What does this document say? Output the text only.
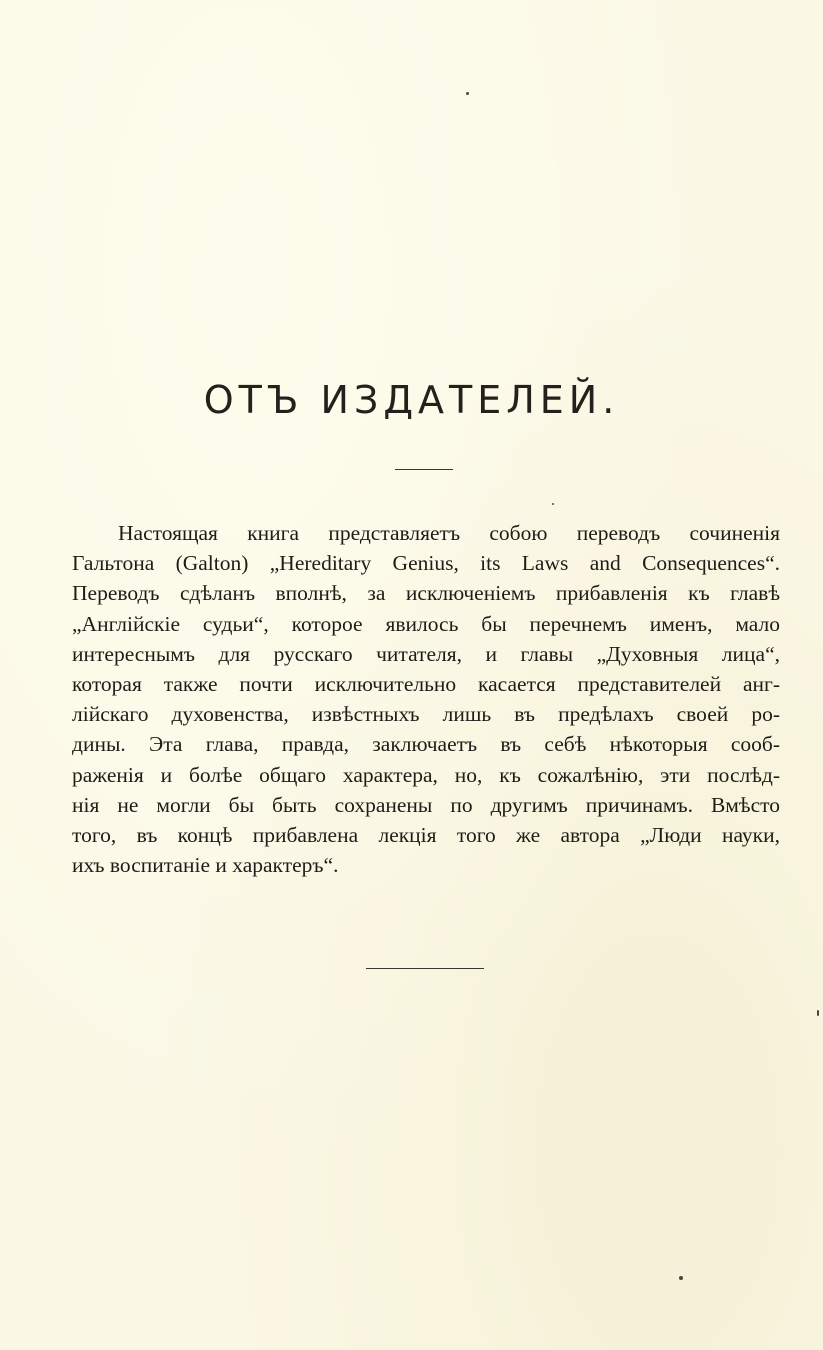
ОТЪ ИЗДАТЕЛЕЙ.
Настоящая книга представляетъ собою переводъ сочиненія
Гальтона (Galton) „Hereditary Genius, its Laws and Consequences“.
Переводъ сдѣланъ вполнѣ, за исключеніемъ прибавленія къ главѣ
„Англійскіе судьи“, которое явилось бы перечнемъ именъ, мало
интереснымъ для русскаго читателя, и главы „Духовныя лица“,
которая также почти исключительно касается представителей анг-
лійскаго духовенства, извѣстныхъ лишь въ предѣлахъ своей ро-
дины. Эта глава, правда, заключаетъ въ себѣ нѣкоторыя сооб-
раженія и болѣе общаго характера, но, къ сожалѣнію, эти послѣд-
нія не могли бы быть сохранены по другимъ причинамъ. Вмѣсто
того, въ концѣ прибавлена лекція того же автора „Люди науки,
ихъ воспитаніе и характеръ“.
